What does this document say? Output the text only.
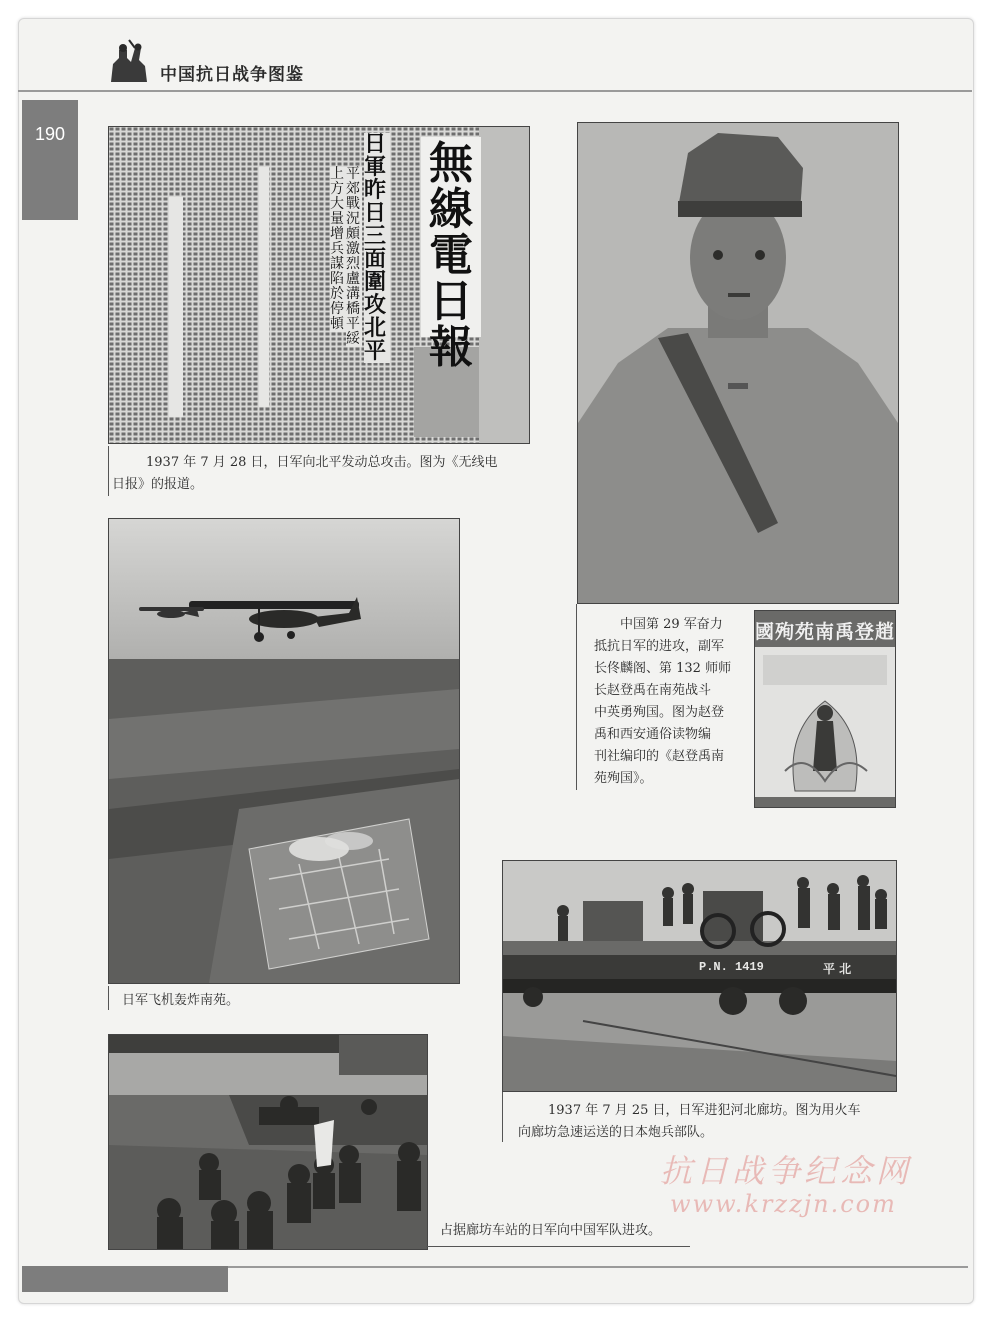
中国抗日战争图鉴
190
無線電日報
日軍昨日三面圍攻北平
平郊戰況頗激烈盧溝橋平綏
上方大量增兵謀陷於停頓
1937 年 7 月 28 日，日军向北平发动总攻击。图为《无线电
日报》的报道。
中国第 29 军奋力
抵抗日军的进攻，副军
长佟麟阁、第 132 师师
长赵登禹在南苑战斗
中英勇殉国。图为赵登
禹和西安通俗读物编
刊社编印的《赵登禹南
苑殉国》。
趙登禹南苑殉國
日军飞机轰炸南苑。
P.N. 1419	平 北
1937 年 7 月 25 日，日军进犯河北廊坊。图为用火车
向廊坊急速运送的日本炮兵部队。
占据廊坊车站的日军向中国军队进攻。
抗日战争纪念网
www.krzzjn.com
